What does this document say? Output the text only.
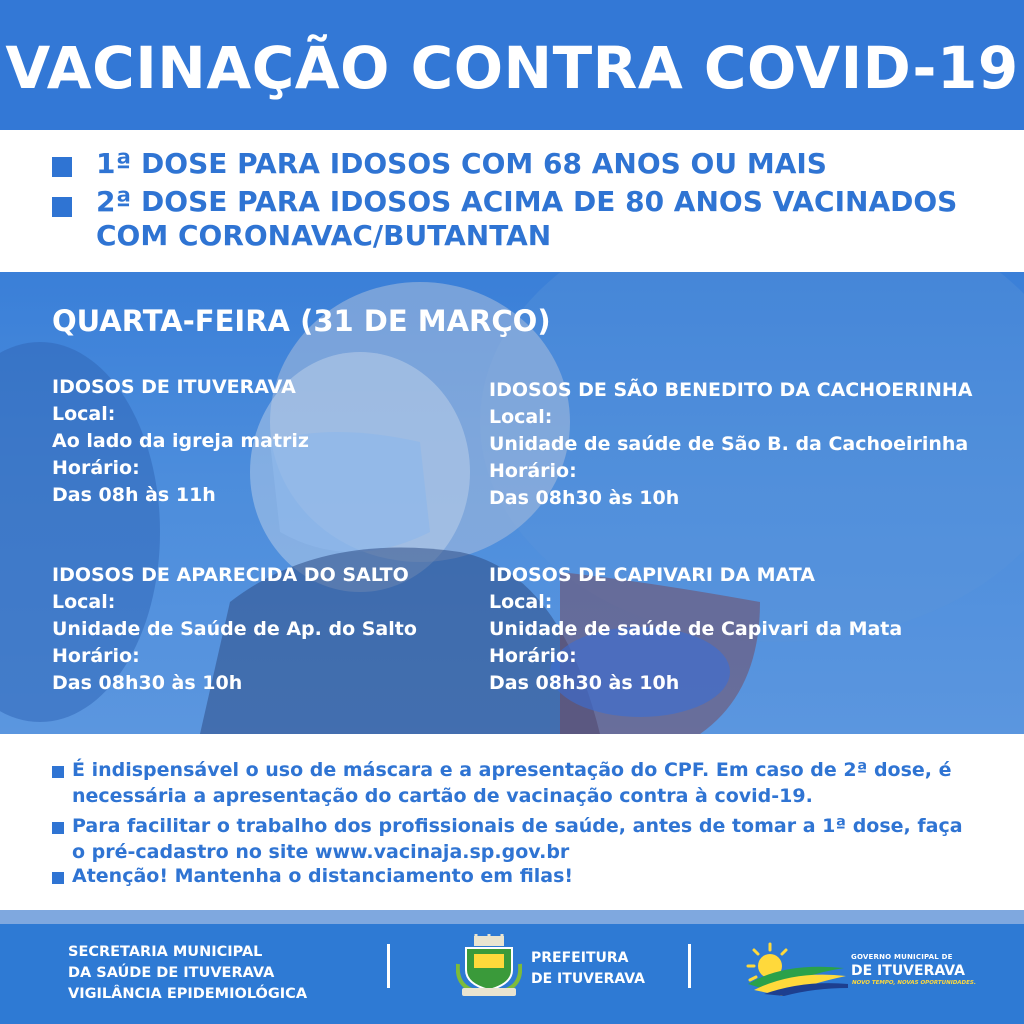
VACINAÇÃO CONTRA COVID-19
1ª DOSE PARA IDOSOS COM 68 ANOS OU MAIS
2ª DOSE PARA IDOSOS ACIMA DE 80 ANOS VACINADOS COM CORONAVAC/BUTANTAN
QUARTA-FEIRA (31 DE MARÇO)
IDOSOS DE ITUVERAVA
Local:
Ao lado da igreja matriz
Horário:
Das 08h às 11h
IDOSOS DE SÃO BENEDITO DA CACHOERINHA
Local:
Unidade de saúde de São B. da Cachoeirinha
Horário:
Das 08h30 às 10h
IDOSOS DE APARECIDA DO SALTO
Local:
Unidade de Saúde de Ap. do Salto
Horário:
Das 08h30 às 10h
IDOSOS DE CAPIVARI DA MATA
Local:
Unidade de saúde de Capivari da Mata
Horário:
Das 08h30 às 10h
É indispensável o uso de máscara e a apresentação do CPF. Em caso de 2ª dose, é necessária a apresentação do cartão de vacinação contra à covid-19.
Para facilitar o trabalho dos profissionais de saúde, antes de tomar a 1ª dose, faça o pré-cadastro no site www.vacinaja.sp.gov.br
Atenção! Mantenha o distanciamento em filas!
SECRETARIA MUNICIPAL
DA SAÚDE DE ITUVERAVA
VIGILÂNCIA EPIDEMIOLÓGICA
PREFEITURA
DE ITUVERAVA
GOVERNO MUNICIPAL DE
DE ITUVERAVA
NOVO TEMPO, NOVAS OPORTUNIDADES.
